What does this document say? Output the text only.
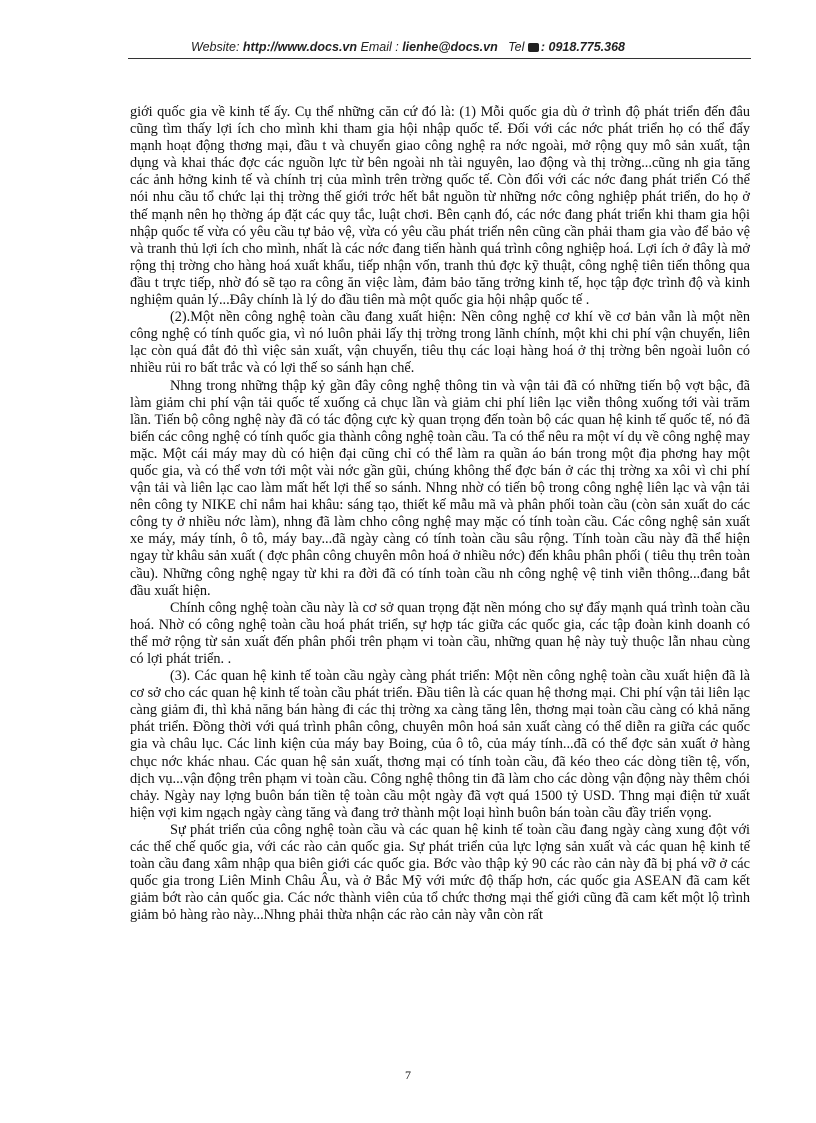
Website: http://www.docs.vn Email : lienhe@docs.vn Tel : 0918.775.368

giới quốc gia về kinh tế ấy. Cụ thể những căn cứ đó là: (1) Mỗi quốc gia dù ở trình độ phát triển đến đâu cũng tìm thấy lợi ích cho mình khi tham gia hội nhập quốc tế. Đối với các nớc phát triển họ có thể đẩy mạnh hoạt động thơng mại, đầu t và chuyển giao công nghệ ra nớc ngoài, mở rộng quy mô sản xuất, tận dụng và khai thác đợc các nguồn lực từ bên ngoài nh tài nguyên, lao động và thị trờng...cũng nh gia tăng các ảnh hởng kinh tế và chính trị của mình trên trờng quốc tế. Còn đối với các nớc đang phát triển Có thể nói nhu cầu tổ chức lại thị trờng thế giới trớc hết bắt nguồn từ những nớc công nghiệp phát triển, do họ ở thế mạnh nên họ thờng áp đặt các quy tắc, luật chơi. Bên cạnh đó, các nớc đang phát triển khi tham gia hội nhập quốc tế vừa có yêu cầu tự bảo vệ, vừa có yêu cầu phát triển nên cũng cần phải tham gia vào để bảo vệ và tranh thủ lợi ích cho mình, nhất là các nớc đang tiến hành quá trình công nghiệp hoá. Lợi ích ở đây là mở rộng thị trờng cho hàng hoá xuất khẩu, tiếp nhận vốn, tranh thủ đợc kỹ thuật, công nghệ tiên tiến thông qua đầu t trực tiếp, nhờ đó sẽ tạo ra công ăn việc làm, đảm bảo tăng trởng kinh tế, học tập đợc trình độ và kinh nghiệm quản lý...Đây chính là lý do đầu tiên mà một quốc gia hội nhập quốc tế .

(2).Một nền công nghệ toàn cầu đang xuất hiện: Nền công nghệ cơ khí về cơ bản vẫn là một nền công nghệ có tính quốc gia, vì nó luôn phải lấy thị trờng trong lãnh chính, một khi chi phí vận chuyển, liên lạc còn quá đắt đỏ thì việc sản xuất, vận chuyển, tiêu thụ các loại hàng hoá ở thị trờng bên ngoài luôn có nhiều rủi ro bất trắc và có lợi thế so sánh hạn chế.

Nhng trong những thập kỷ gần đây công nghệ thông tin và vận tải đã có những tiến bộ vợt bậc, đã làm giảm chi phí vận tải quốc tế xuống cả chục lần và giảm chi phí liên lạc viễn thông xuống tới vài trăm lần. Tiến bộ công nghệ này đã có tác động cực kỳ quan trọng đến toàn bộ các quan hệ kinh tế quốc tế, nó đã biến các công nghệ có tính quốc gia thành công nghệ toàn cầu. Ta có thể nêu ra một ví dụ về công nghệ may mặc. Một cái máy may dù có hiện đại cũng chỉ có thể làm ra quần áo bán trong một địa phơng hay một quốc gia, và có thể vơn tới một vài nớc gần gũi, chúng không thể đợc bán ở các thị trờng xa xôi vì chi phí vận tải và liên lạc cao làm mất hết lợi thế so sánh. Nhng nhờ có tiến bộ trong công nghệ liên lạc và vận tải nên công ty NIKE chỉ nắm hai khâu: sáng tạo, thiết kế mẫu mã và phân phối toàn cầu (còn sản xuất do các công ty ở nhiều nớc làm), nhng đã làm chho công nghệ may mặc có tính toàn cầu. Các công nghệ sản xuất xe máy, máy tính, ô tô, máy bay...đã ngày càng có tính toàn cầu sâu rộng. Tính toàn cầu này đã thể hiện ngay từ khâu sản xuất ( đợc phân công chuyên môn hoá ở nhiều nớc) đến khâu phân phối ( tiêu thụ trên toàn cầu). Những công nghệ ngay từ khi ra đời đã có tính toàn cầu nh công nghệ vệ tinh viễn thông...đang bắt đầu xuất hiện.

Chính công nghệ toàn cầu này là cơ sở quan trọng đặt nền móng cho sự đẩy mạnh quá trình toàn cầu hoá. Nhờ có công nghệ toàn cầu hoá phát triển, sự hợp tác giữa các quốc gia, các tập đoàn kinh doanh có thể mở rộng từ sản xuất đến phân phối trên phạm vi toàn cầu, những quan hệ này tuỳ thuộc lẫn nhau cùng có lợi phát triển. .

(3). Các quan hệ kinh tế toàn cầu ngày càng phát triển: Một nền công nghệ toàn cầu xuất hiện đã là cơ sở cho các quan hệ kinh tế toàn cầu phát triển. Đầu tiên là các quan hệ thơng mại. Chi phí vận tải liên lạc càng giảm đi, thì khả năng bán hàng đi các thị trờng xa càng tăng lên, thơng mại toàn cầu càng có khả năng phát triển. Đồng thời với quá trình phân công, chuyên môn hoá sản xuất càng có thể diễn ra giữa các quốc gia và châu lục. Các linh kiện của máy bay Boing, của ô tô, của máy tính...đã có thể đợc sản xuất ở hàng chục nớc khác nhau. Các quan hệ sản xuất, thơng mại có tính toàn cầu, đã kéo theo các dòng tiền tệ, vốn, dịch vụ...vận động trên phạm vi toàn cầu. Công nghệ thông tin đã làm cho các dòng vận động này thêm chói chảy. Ngày nay lợng buôn bán tiền tệ toàn cầu một ngày đã vợt quá 1500 tỷ USD. Thng mại điện tử xuất hiện vợi kim ngạch ngày càng tăng và đang trở thành một loại hình buôn bán toàn cầu đầy triển vọng.

Sự phát triển của công nghệ toàn cầu và các quan hệ kinh tế toàn cầu đang ngày càng xung đột với các thể chế quốc gia, với các rào cản quốc gia. Sự phát triển của lực lợng sản xuất và các quan hệ kinh tế toàn cầu đang xâm nhập qua biên giới các quốc gia. Bớc vào thập kỷ 90 các rào cản này đã bị phá vỡ ở các quốc gia trong Liên Minh Châu Âu, và ở Bắc Mỹ với mức độ thấp hơn, các quốc gia ASEAN đã cam kết giảm bớt rào cản quốc gia. Các nớc thành viên của tổ chức thơng mại thế giới cũng đã cam kết một lộ trình giảm bỏ hàng rào này...Nhng phải thừa nhận các rào cản này vẫn còn rất

7
